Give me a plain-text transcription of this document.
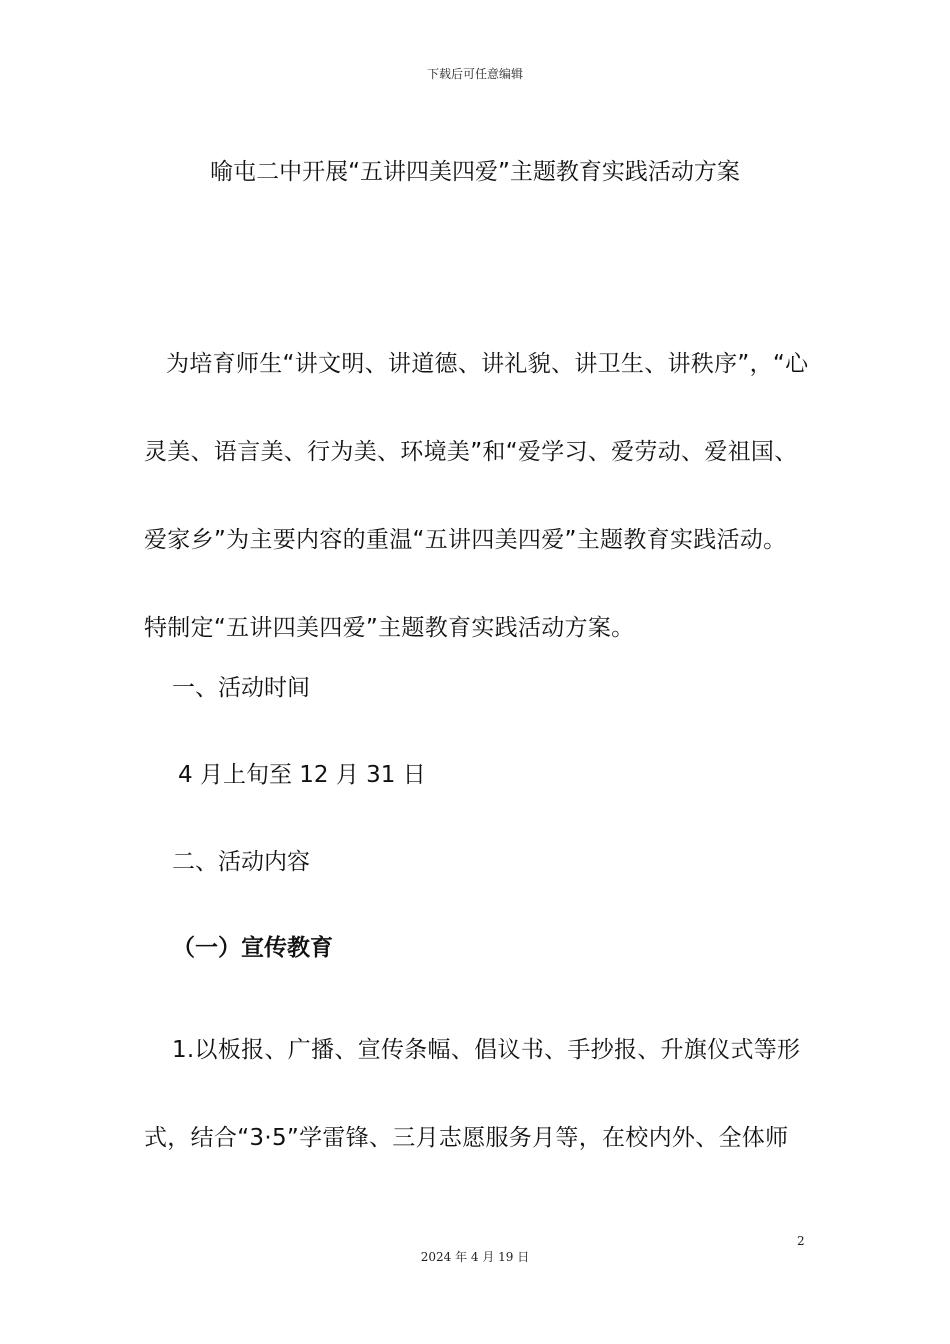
下载后可任意编辑
喻屯二中开展“五讲四美四爱”主题教育实践活动方案

为培育师生“讲文明、讲道德、讲礼貌、讲卫生、讲秩序”，“心灵美、语言美、行为美、环境美”和“爱学习、爱劳动、爱祖国、爱家乡”为主要内容的重温“五讲四美四爱”主题教育实践活动。特制定“五讲四美四爱”主题教育实践活动方案。

一、活动时间
4 月上旬至 12 月 31 日
二、活动内容
（一）宣传教育

1.以板报、广播、宣传条幅、倡议书、手抄报、升旗仪式等形式，结合“3·5”学雷锋、三月志愿服务月等，在校内外、全体师

2
2024 年 4 月 19 日
